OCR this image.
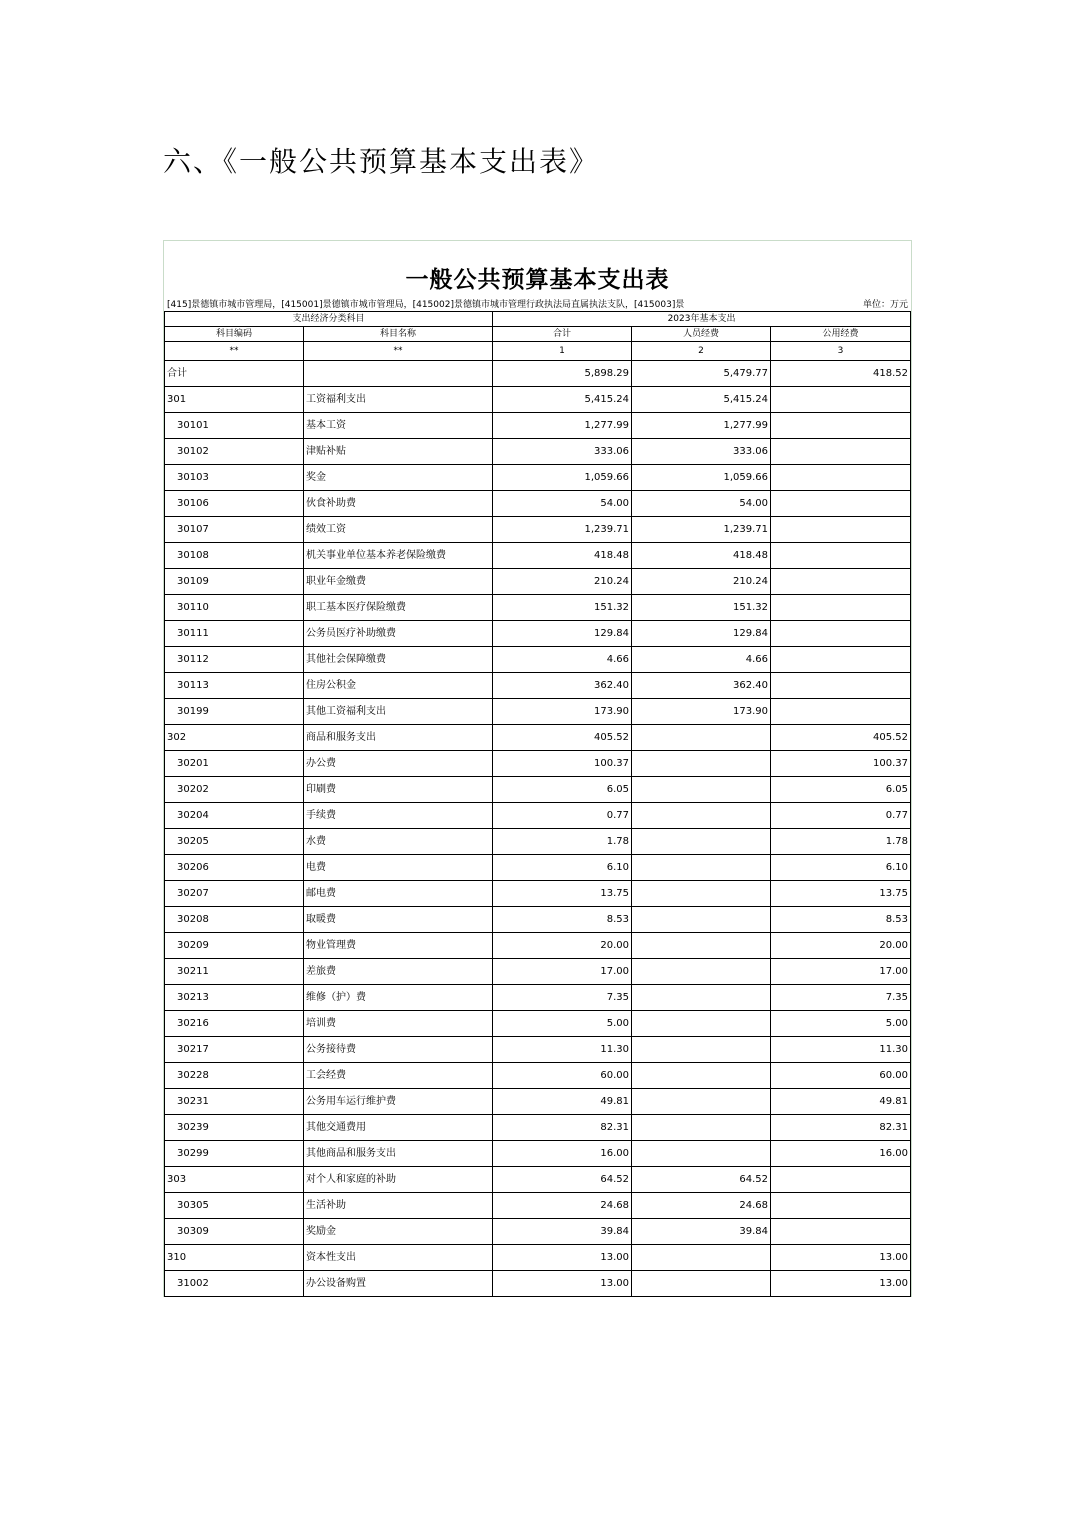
六、《一般公共预算基本支出表》
一般公共预算基本支出表
[415]景德镇市城市管理局，[415001]景德镇市城市管理局，[415002]景德镇市城市管理行政执法局直属执法支队，[415003]景	单位：万元
支出经济分类科目		2023年基本支出		
科目编码	科目名称	合计	人员经费	公用经费
**	**	1	2	3
合计		5,898.29	5,479.77	418.52
301	工资福利支出	5,415.24	5,415.24	
30101	基本工资	1,277.99	1,277.99	
30102	津贴补贴	333.06	333.06	
30103	奖金	1,059.66	1,059.66	
30106	伙食补助费	54.00	54.00	
30107	绩效工资	1,239.71	1,239.71	
30108	机关事业单位基本养老保险缴费	418.48	418.48	
30109	职业年金缴费	210.24	210.24	
30110	职工基本医疗保险缴费	151.32	151.32	
30111	公务员医疗补助缴费	129.84	129.84	
30112	其他社会保障缴费	4.66	4.66	
30113	住房公积金	362.40	362.40	
30199	其他工资福利支出	173.90	173.90	
302	商品和服务支出	405.52		405.52
30201	办公费	100.37		100.37
30202	印刷费	6.05		6.05
30204	手续费	0.77		0.77
30205	水费	1.78		1.78
30206	电费	6.10		6.10
30207	邮电费	13.75		13.75
30208	取暖费	8.53		8.53
30209	物业管理费	20.00		20.00
30211	差旅费	17.00		17.00
30213	维修（护）费	7.35		7.35
30216	培训费	5.00		5.00
30217	公务接待费	11.30		11.30
30228	工会经费	60.00		60.00
30231	公务用车运行维护费	49.81		49.81
30239	其他交通费用	82.31		82.31
30299	其他商品和服务支出	16.00		16.00
303	对个人和家庭的补助	64.52	64.52	
30305	生活补助	24.68	24.68	
30309	奖励金	39.84	39.84	
310	资本性支出	13.00		13.00
31002	办公设备购置	13.00		13.00
